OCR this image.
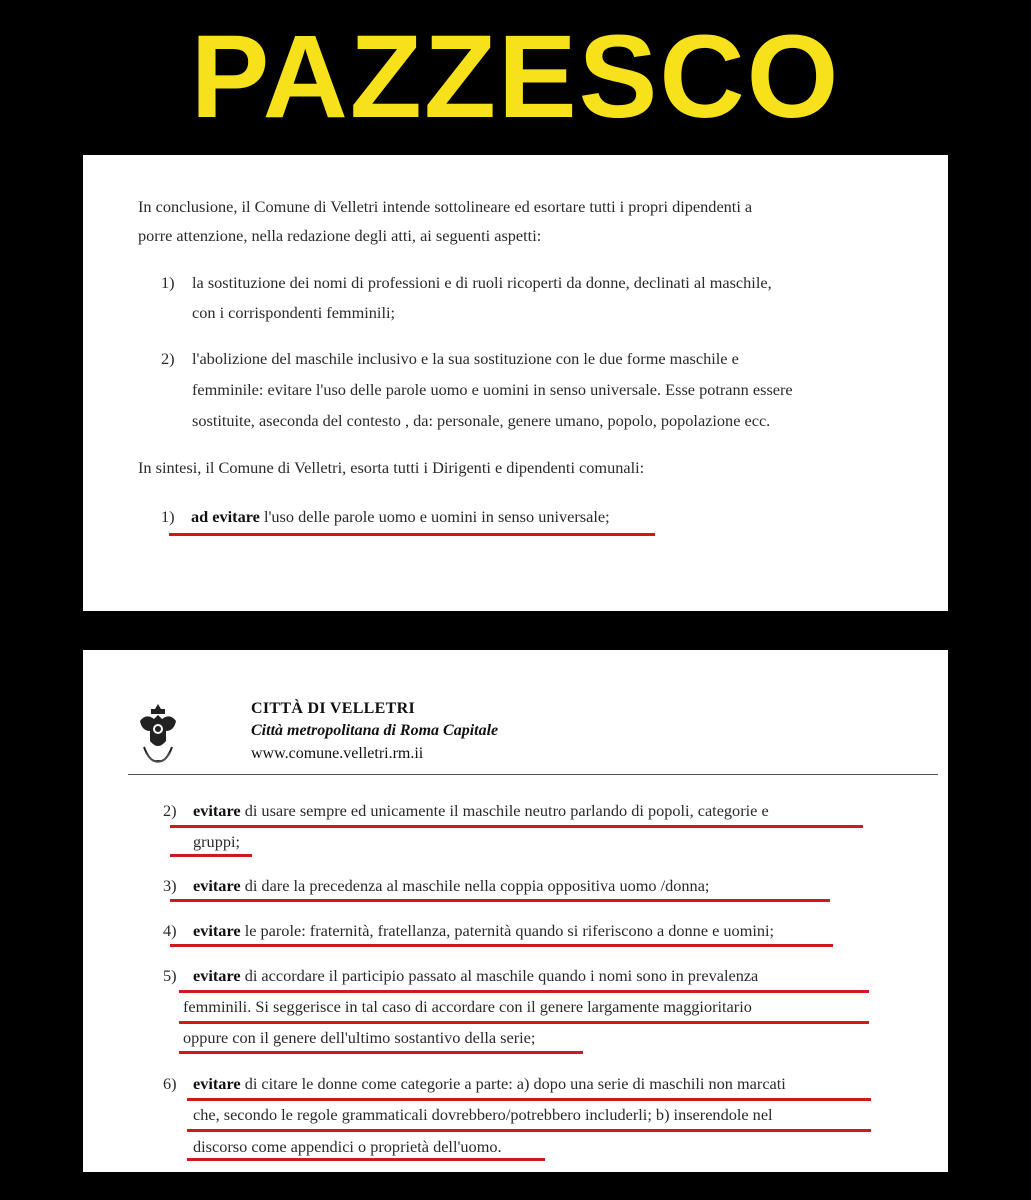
PAZZESCO
In conclusione, il Comune di Velletri intende sottolineare ed esortare tutti i propri dipendenti a
porre attenzione, nella redazione degli atti, ai seguenti aspetti:
1) la sostituzione dei nomi di professioni e di ruoli ricoperti da donne, declinati al maschile,
con i corrispondenti femminili;
2) l'abolizione del maschile inclusivo e la sua sostituzione con le due forme maschile e
femminile: evitare l'uso delle parole uomo e uomini in senso universale. Esse potrann essere
sostituite, aseconda del contesto , da: personale, genere umano, popolo, popolazione ecc.
In sintesi, il Comune di Velletri, esorta tutti i Dirigenti e dipendenti comunali:
1) ad evitare l'uso delle parole uomo e uomini in senso universale;
CITTÀ DI VELLETRI
Città metropolitana di Roma Capitale
www.comune.velletri.rm.ii
2) evitare di usare sempre ed unicamente il maschile neutro parlando di popoli, categorie e
gruppi;
3) evitare di dare la precedenza al maschile nella coppia oppositiva uomo /donna;
4) evitare le parole: fraternità, fratellanza, paternità quando si riferiscono a donne e uomini;
5) evitare di accordare il participio passato al maschile quando i nomi sono in prevalenza
femminili. Si seggerisce in tal caso di accordare con il genere largamente maggioritario
oppure con il genere dell'ultimo sostantivo della serie;
6) evitare di citare le donne come categorie a parte: a) dopo una serie di maschili non marcati
che, secondo le regole grammaticali dovrebbero/potrebbero includerli; b) inserendole nel
discorso come appendici o proprietà dell'uomo.
